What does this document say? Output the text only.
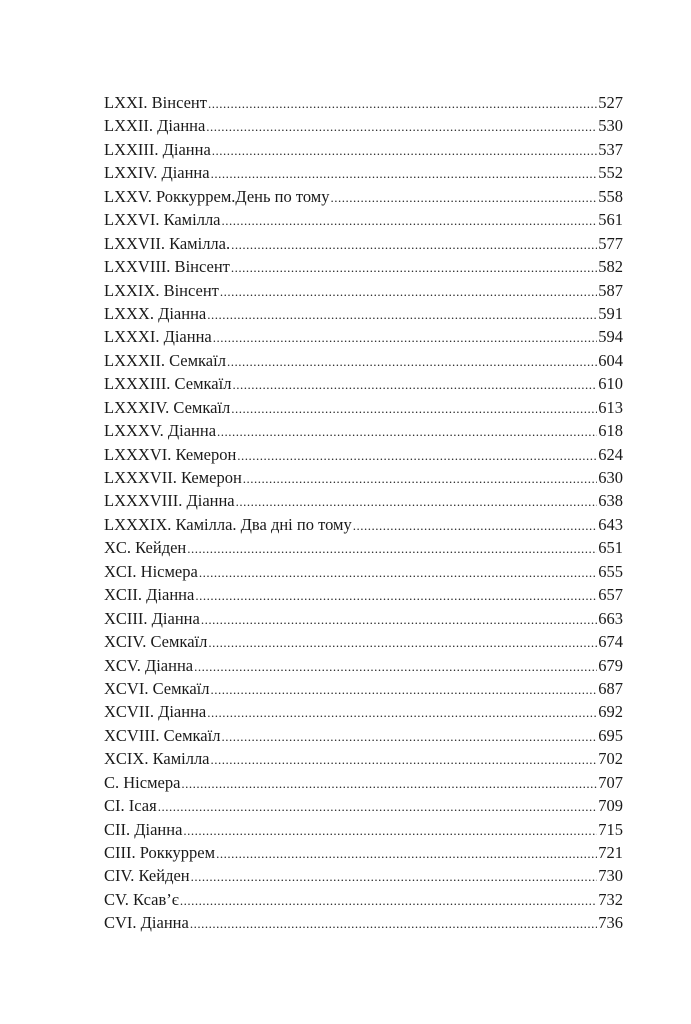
LXXI. Вінсент .....	527
LXXII. Діанна .....	530
LXXIII. Діанна .....	537
LXXIV. Діанна .....	552
LXXV. Роккуррем.День по тому .....	558
LXXVI. Камілла .....	561
LXXVII. Камілла. .....	577
LXXVIII. Вінсент .....	582
LXXIX. Вінсент .....	587
LXXX. Діанна .....	591
LXXXI. Діанна .....	594
LXXXII. Семкаїл .....	604
LXXXIII. Семкаїл .....	610
LXXXIV. Семкаїл .....	613
LXXXV. Діанна .....	618
LXXXVI. Кемерон .....	624
LXXXVII. Кемерон .....	630
LXXXVIII. Діанна .....	638
LXXXIX. Камілла. Два дні по тому .....	643
XC. Кейден .....	651
XCI. Нісмера .....	655
XCII. Діанна .....	657
XCIII. Діанна .....	663
XCIV. Семкаїл .....	674
XCV. Діанна .....	679
XCVI. Семкаїл .....	687
XCVII. Діанна .....	692
XCVIII. Семкаїл .....	695
XCIX. Камілла .....	702
C. Нісмера .....	707
CI. Ісая .....	709
CII. Діанна .....	715
CIII. Роккуррем .....	721
CIV. Кейден .....	730
CV. Ксав’є .....	732
CVI. Діанна .....	736
